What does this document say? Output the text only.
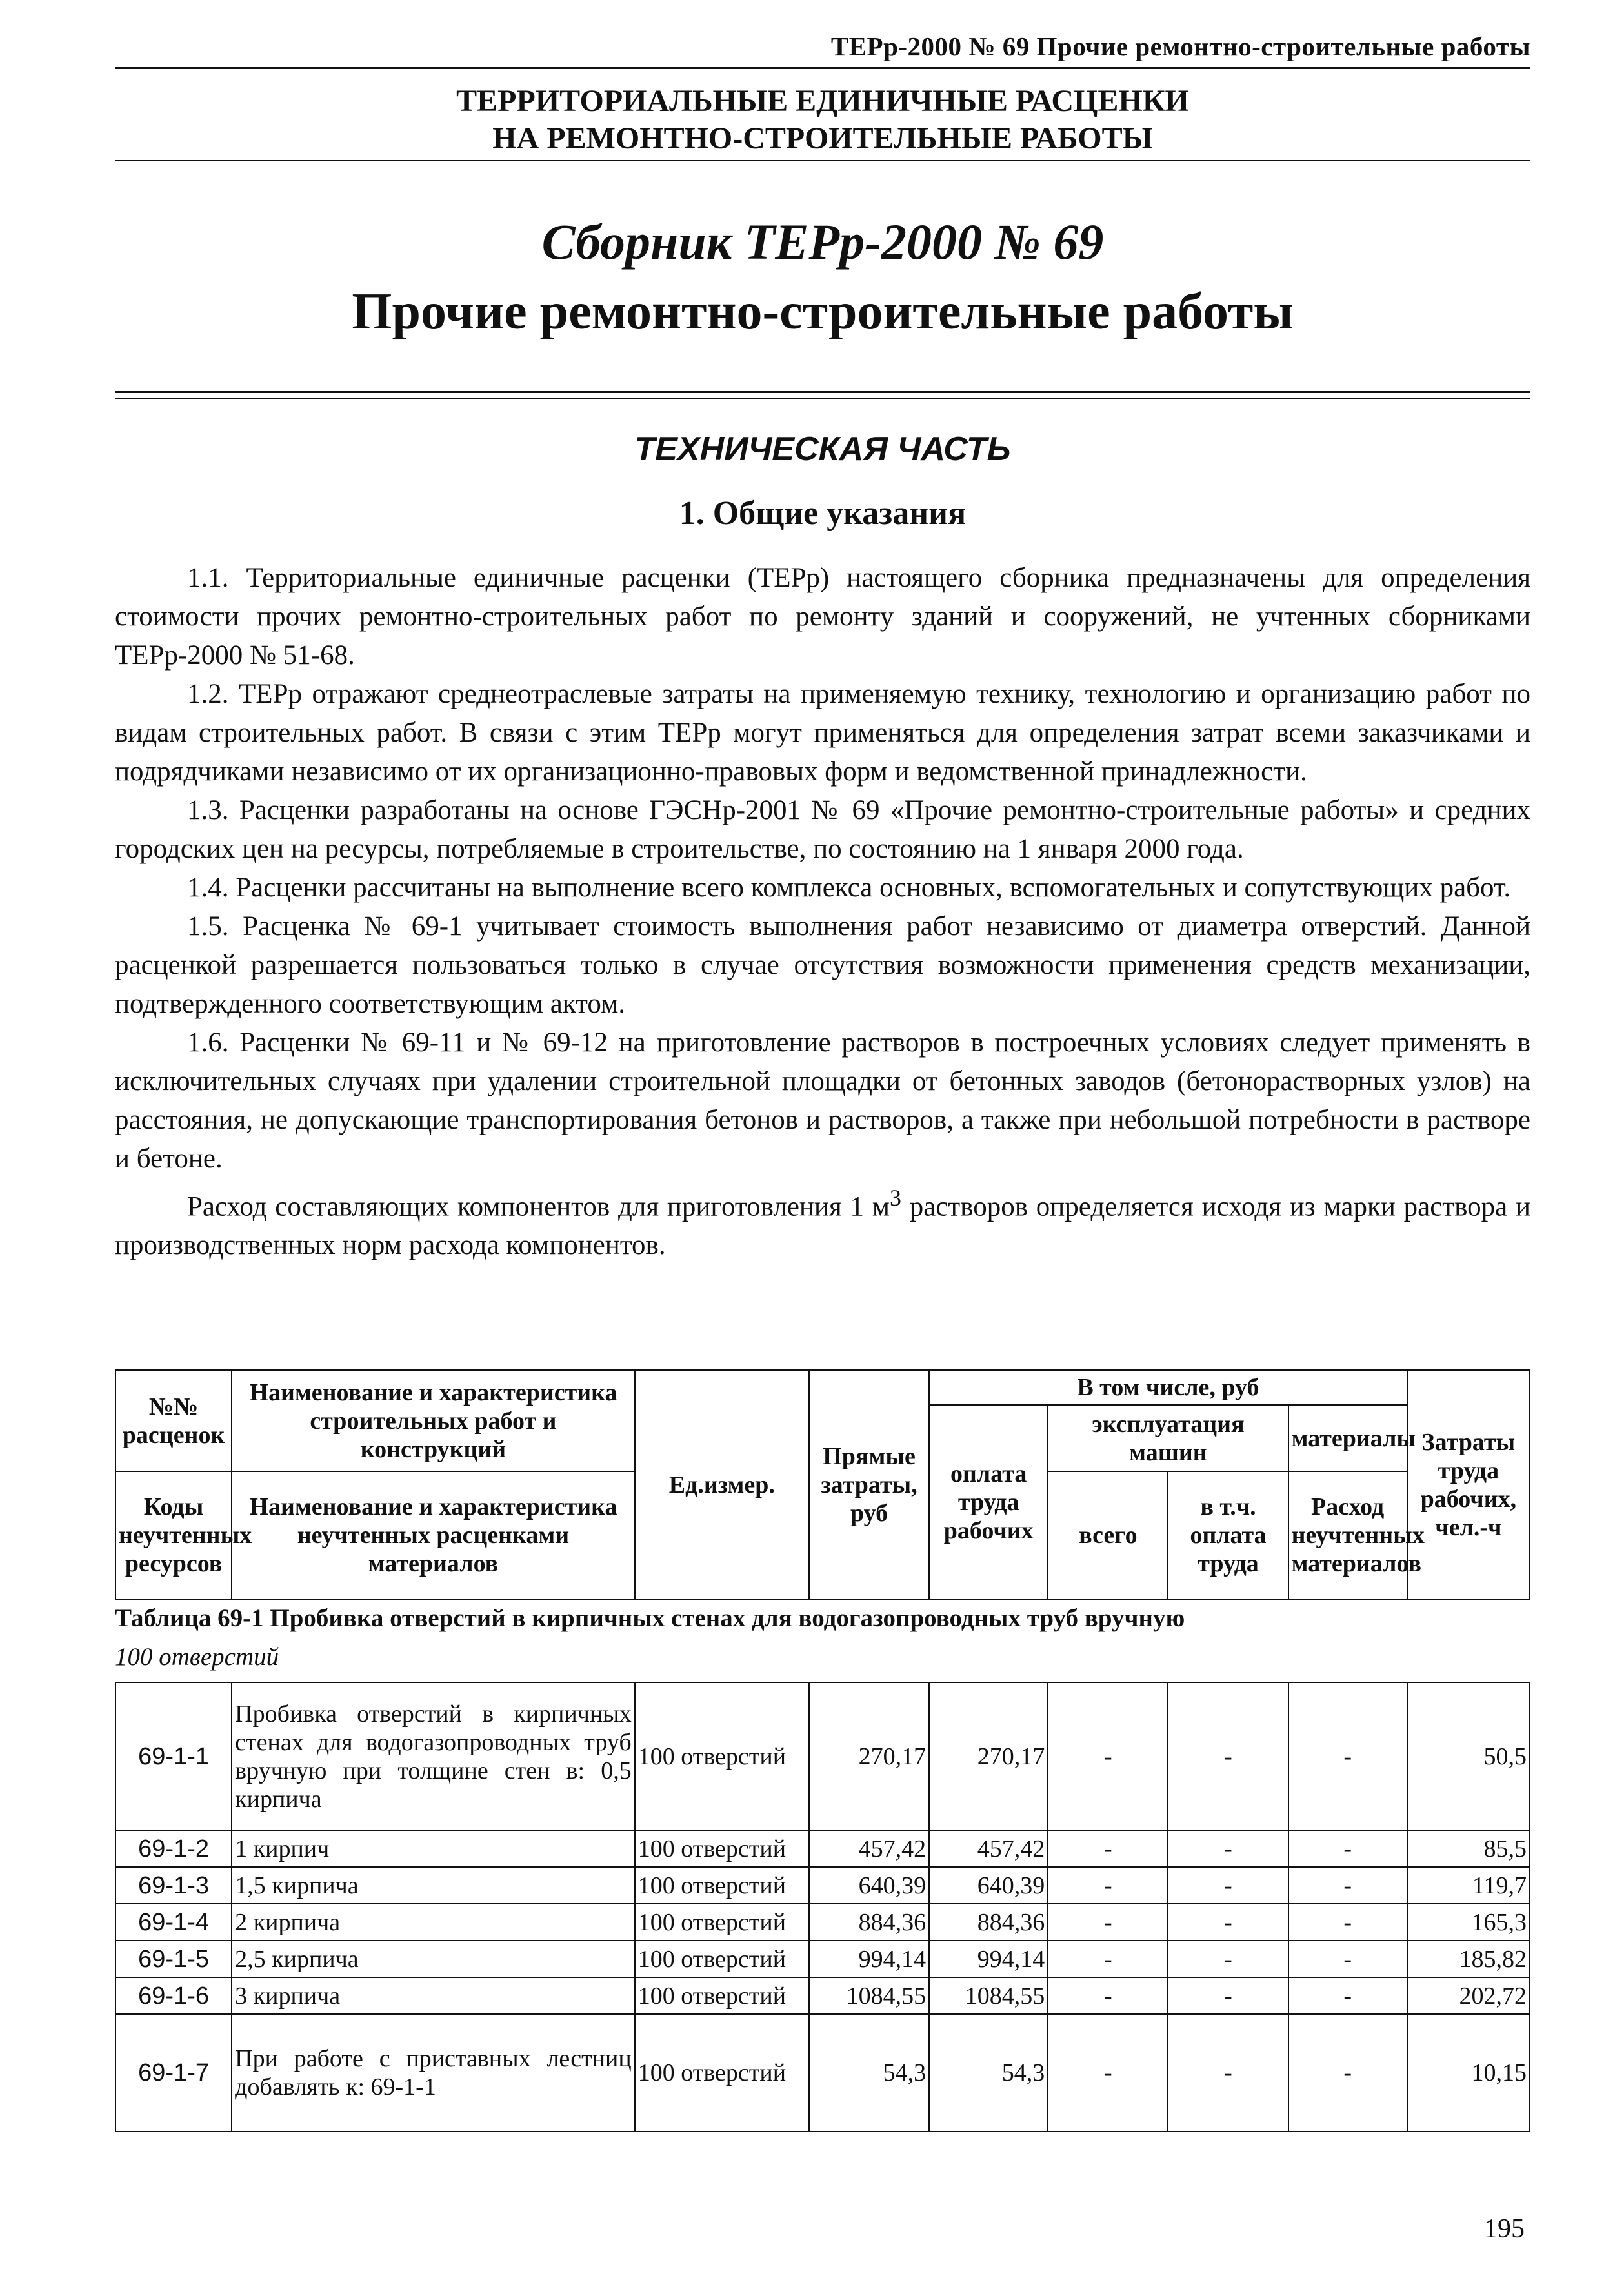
ТЕРр-2000 № 69 Прочие ремонтно-строительные работы
ТЕРРИТОРИАЛЬНЫЕ ЕДИНИЧНЫЕ РАСЦЕНКИ
НА РЕМОНТНО-СТРОИТЕЛЬНЫЕ РАБОТЫ
Сборник ТЕРр-2000 № 69
Прочие ремонтно-строительные работы
ТЕХНИЧЕСКАЯ ЧАСТЬ
1. Общие указания

1.1. Территориальные единичные расценки (ТЕРр) настоящего сборника предназначены для определения стоимости прочих ремонтно-строительных работ по ремонту зданий и сооружений, не учтенных сборниками ТЕРр-2000 № 51-68.

1.2. ТЕРр отражают среднеотраслевые затраты на применяемую технику, технологию и организацию работ по видам строительных работ. В связи с этим ТЕРр могут применяться для определения затрат всеми заказчиками и подрядчиками независимо от их организационно-правовых форм и ведомственной принадлежности.

1.3. Расценки разработаны на основе ГЭСНр-2001 № 69 «Прочие ремонтно-строительные работы» и средних городских цен на ресурсы, потребляемые в строительстве, по состоянию на 1 января 2000 года.

1.4. Расценки рассчитаны на выполнение всего комплекса основных, вспомогательных и сопутствующих работ.

1.5. Расценка № 69-1 учитывает стоимость выполнения работ независимо от диаметра отверстий. Данной расценкой разрешается пользоваться только в случае отсутствия возможности применения средств механизации, подтвержденного соответствующим актом.

1.6. Расценки № 69-11 и № 69-12 на приготовление растворов в построечных условиях следует применять в исключительных случаях при удалении строительной площадки от бетонных заводов (бетонорастворных узлов) на расстояния, не допускающие транспортирования бетонов и растворов, а также при небольшой потребности в растворе и бетоне.

Расход составляющих компонентов для приготовления 1 $м^3$ растворов определяется исходя из марки раствора и производственных норм расхода компонентов.

№№ расценок	Наименование и характеристика строительных работ и конструкций	Ед.измер.	Прямые затраты, руб	В том числе, руб				Затраты труда рабочих, чел.-ч
				оплата труда рабочих	эксплуатация машин		материалы	
Коды неучтенных ресурсов	Наименование и характеристика неучтенных расценками материалов				всего	в т.ч. оплата труда	Расход неучтенных материалов	

Таблица 69-1 Пробивка отверстий в кирпичных стенах для водогазопроводных труб вручную
100 отверстий
69-1-1	Пробивка отверстий в кирпичных стенах для водогазопроводных труб вручную при толщине стен в: 0,5 кирпича	100 отверстий	270,17	270,17	-	-	-	50,5
69-1-2	1 кирпич	100 отверстий	457,42	457,42	-	-	-	85,5
69-1-3	1,5 кирпича	100 отверстий	640,39	640,39	-	-	-	119,7
69-1-4	2 кирпича	100 отверстий	884,36	884,36	-	-	-	165,3
69-1-5	2,5 кирпича	100 отверстий	994,14	994,14	-	-	-	185,82
69-1-6	3 кирпича	100 отверстий	1084,55	1084,55	-	-	-	202,72
69-1-7	При работе с приставных лестниц добавлять к: 69-1-1	100 отверстий	54,3	54,3	-	-	-	10,15
195
